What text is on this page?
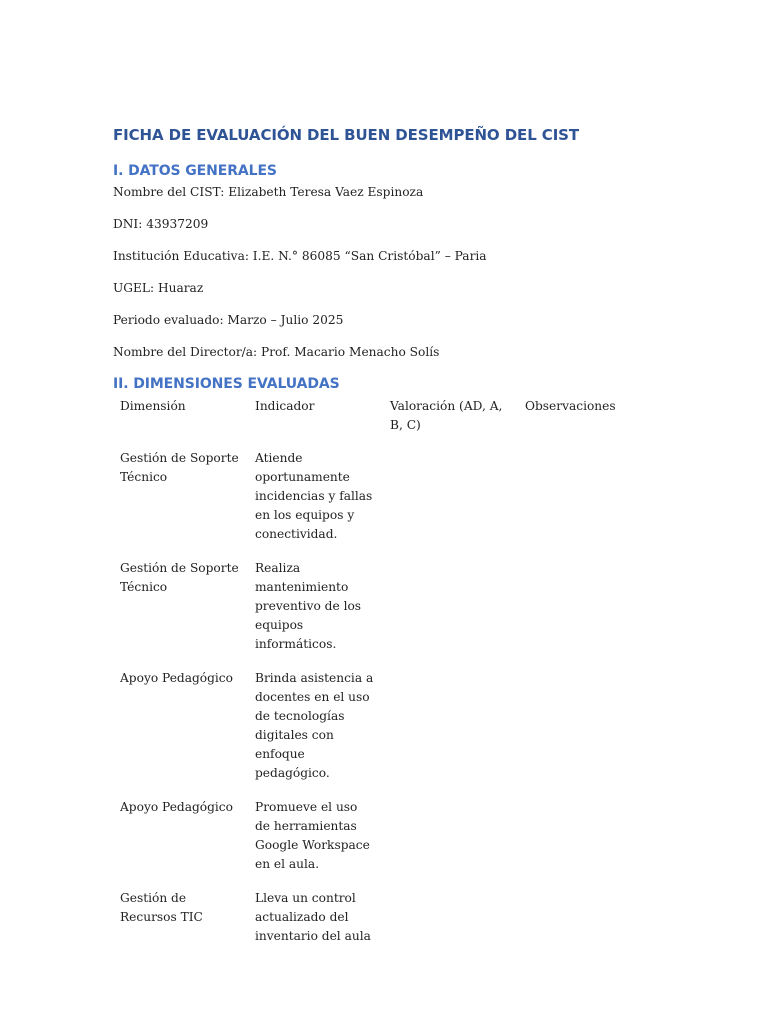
FICHA DE EVALUACIÓN DEL BUEN DESEMPEÑO DEL CIST
I. DATOS GENERALES

Nombre del CIST: Elizabeth Teresa Vaez Espinoza

DNI: 43937209

Institución Educativa: I.E. N.° 86085 “San Cristóbal” – Paria

UGEL: Huaraz

Periodo evaluado: Marzo – Julio 2025

Nombre del Director/a: Prof. Macario Menacho Solís

II. DIMENSIONES EVALUADAS
Dimensión	Indicador	Valoración (AD, A, B, C)	Observaciones
Gestión de Soporte Técnico	Atiende oportunamente incidencias y fallas en los equipos y conectividad.		
Gestión de Soporte Técnico	Realiza mantenimiento preventivo de los equipos informáticos.		
Apoyo Pedagógico	Brinda asistencia a docentes en el uso de tecnologías digitales con enfoque pedagógico.		
Apoyo Pedagógico	Promueve el uso de herramientas Google Workspace en el aula.		
Gestión de Recursos TIC	Lleva un control actualizado del inventario del aula		
